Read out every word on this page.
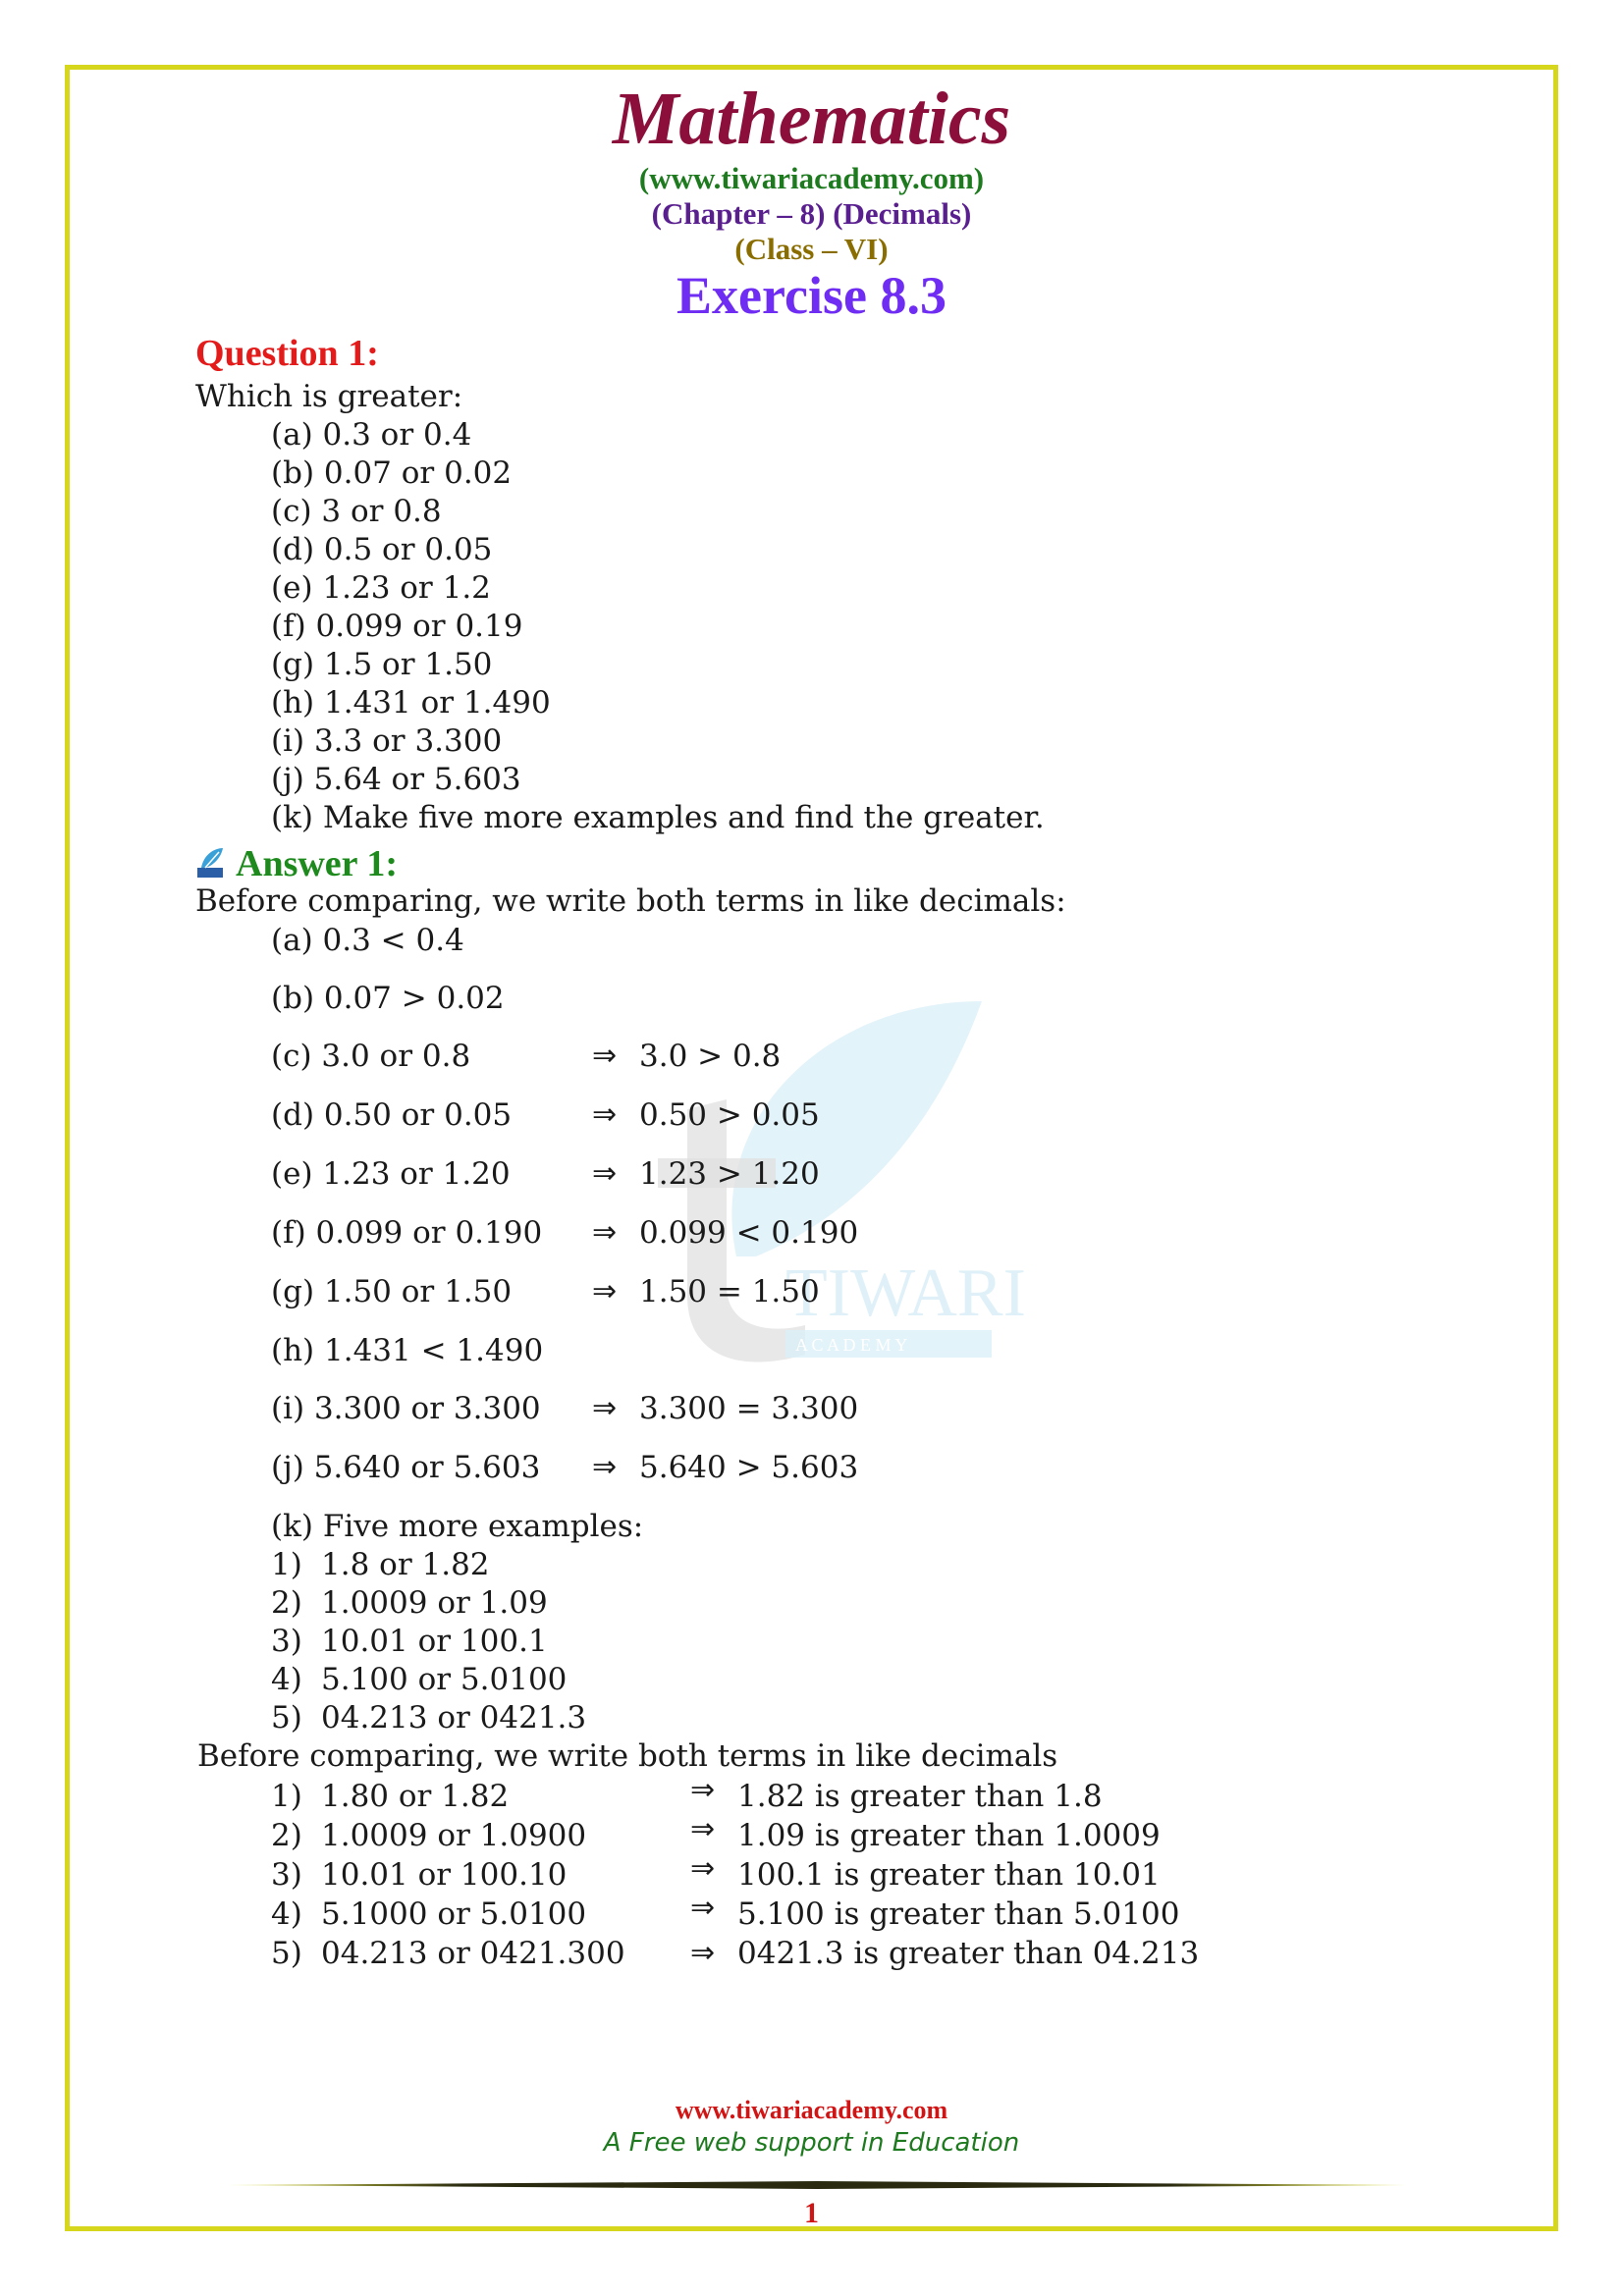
TIWARI
A C A D E M Y
Mathematics
(www.tiwariacademy.com)
(Chapter – 8) (Decimals)
(Class – VI)
Exercise 8.3
Question 1:
Which is greater:
(a) 0.3 or 0.4
(b) 0.07 or 0.02
(c) 3 or 0.8
(d) 0.5 or 0.05
(e) 1.23 or 1.2
(f) 0.099 or 0.19
(g) 1.5 or 1.50
(h) 1.431 or 1.490
(i) 3.3 or 3.300
(j) 5.64 or 5.603
(k) Make five more examples and find the greater.
Answer 1:
Before comparing, we write both terms in like decimals:
(a) 0.3 < 0.4
(b) 0.07 > 0.02
(c) 3.0 or 0.8	⇒ 3.0 > 0.8
(d) 0.50 or 0.05	⇒ 0.50 > 0.05
(e) 1.23 or 1.20	⇒ 1.23 > 1.20
(f) 0.099 or 0.190 ⇒ 0.099 < 0.190
(g) 1.50 or 1.50	⇒ 1.50 = 1.50
(h) 1.431 < 1.490
(i) 3.300 or 3.300 ⇒ 3.300 = 3.300
(j) 5.640 or 5.603 ⇒ 5.640 > 5.603
(k) Five more examples:
1) 1.8 or 1.82
2) 1.0009 or 1.09
3) 10.01 or 100.1
4) 5.100 or 5.0100
5) 04.213 or 0421.3
Before comparing, we write both terms in like decimals
1) 1.80 or 1.82	⇒ 1.82 is greater than 1.8
2) 1.0009 or 1.0900	⇒ 1.09 is greater than 1.0009
3) 10.01 or 100.10	⇒ 100.1 is greater than 10.01
4) 5.1000 or 5.0100	⇒ 5.100 is greater than 5.0100
5) 04.213 or 0421.300 ⇒ 0421.3 is greater than 04.213
www.tiwariacademy.com
A Free web support in Education
1
